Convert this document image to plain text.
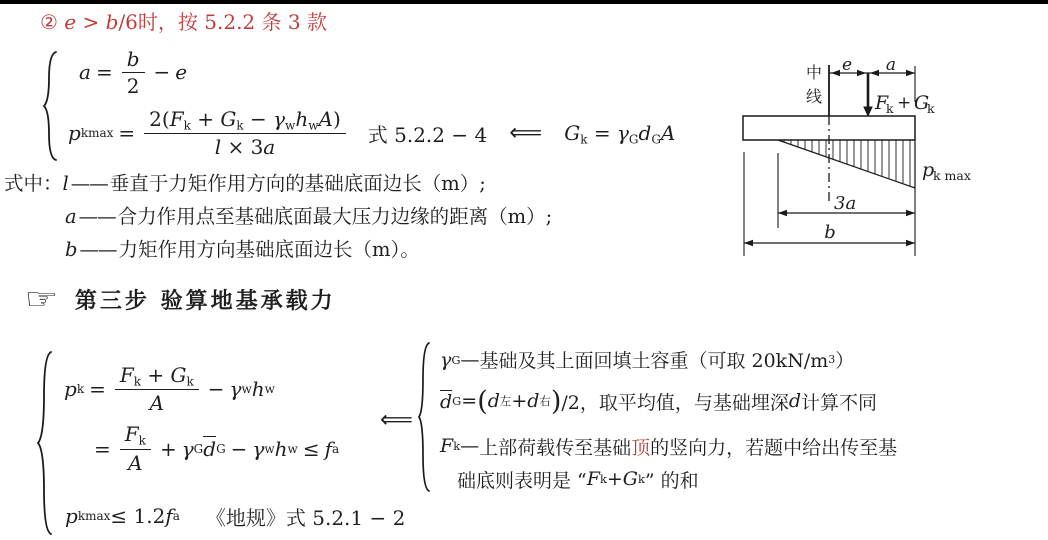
② e > b/6时，按 5.2.2 条 3 款
$a = \frac{b}{2} - e$
p $kmax = \frac{2(F_k + G_k - \gamma_wh_wA)}{l \times 3a}$ 式 5.2.2 − 4 ⟸ $G_k = \gamma_Gd_GA$
式中： l —— 垂直于力矩作用方向的基础底面边长（m）;
a —— 合力作用点至基础底面最大压力边缘的距离（m）;
b —— 力矩作用方向基础底面边长（m）。
☞ 第三步 验算地基承载力
p $k = \frac{F_k + G_k}{A} - \gamma$ w h w
= $\frac{F_k}{A} + \gamma$ G d G − γ w h w ≤ f a
p kmax ≤ 1.2 f a 《地规》式 5.2.1 − 2
⟸
γ G — 基础及其上面回填土容重（可取 20kN/m 3 ）
d G = ( d 左 + d 右 ) /2，取平均值，与基础埋深 d 计算不同
F k — 上部荷载传至基础 顶 的竖向力，若题中给出传至基
础底则表明是 “ F k + G k ” 的和
中
线
e a
F
k + G
k
p
k max
3a
b
